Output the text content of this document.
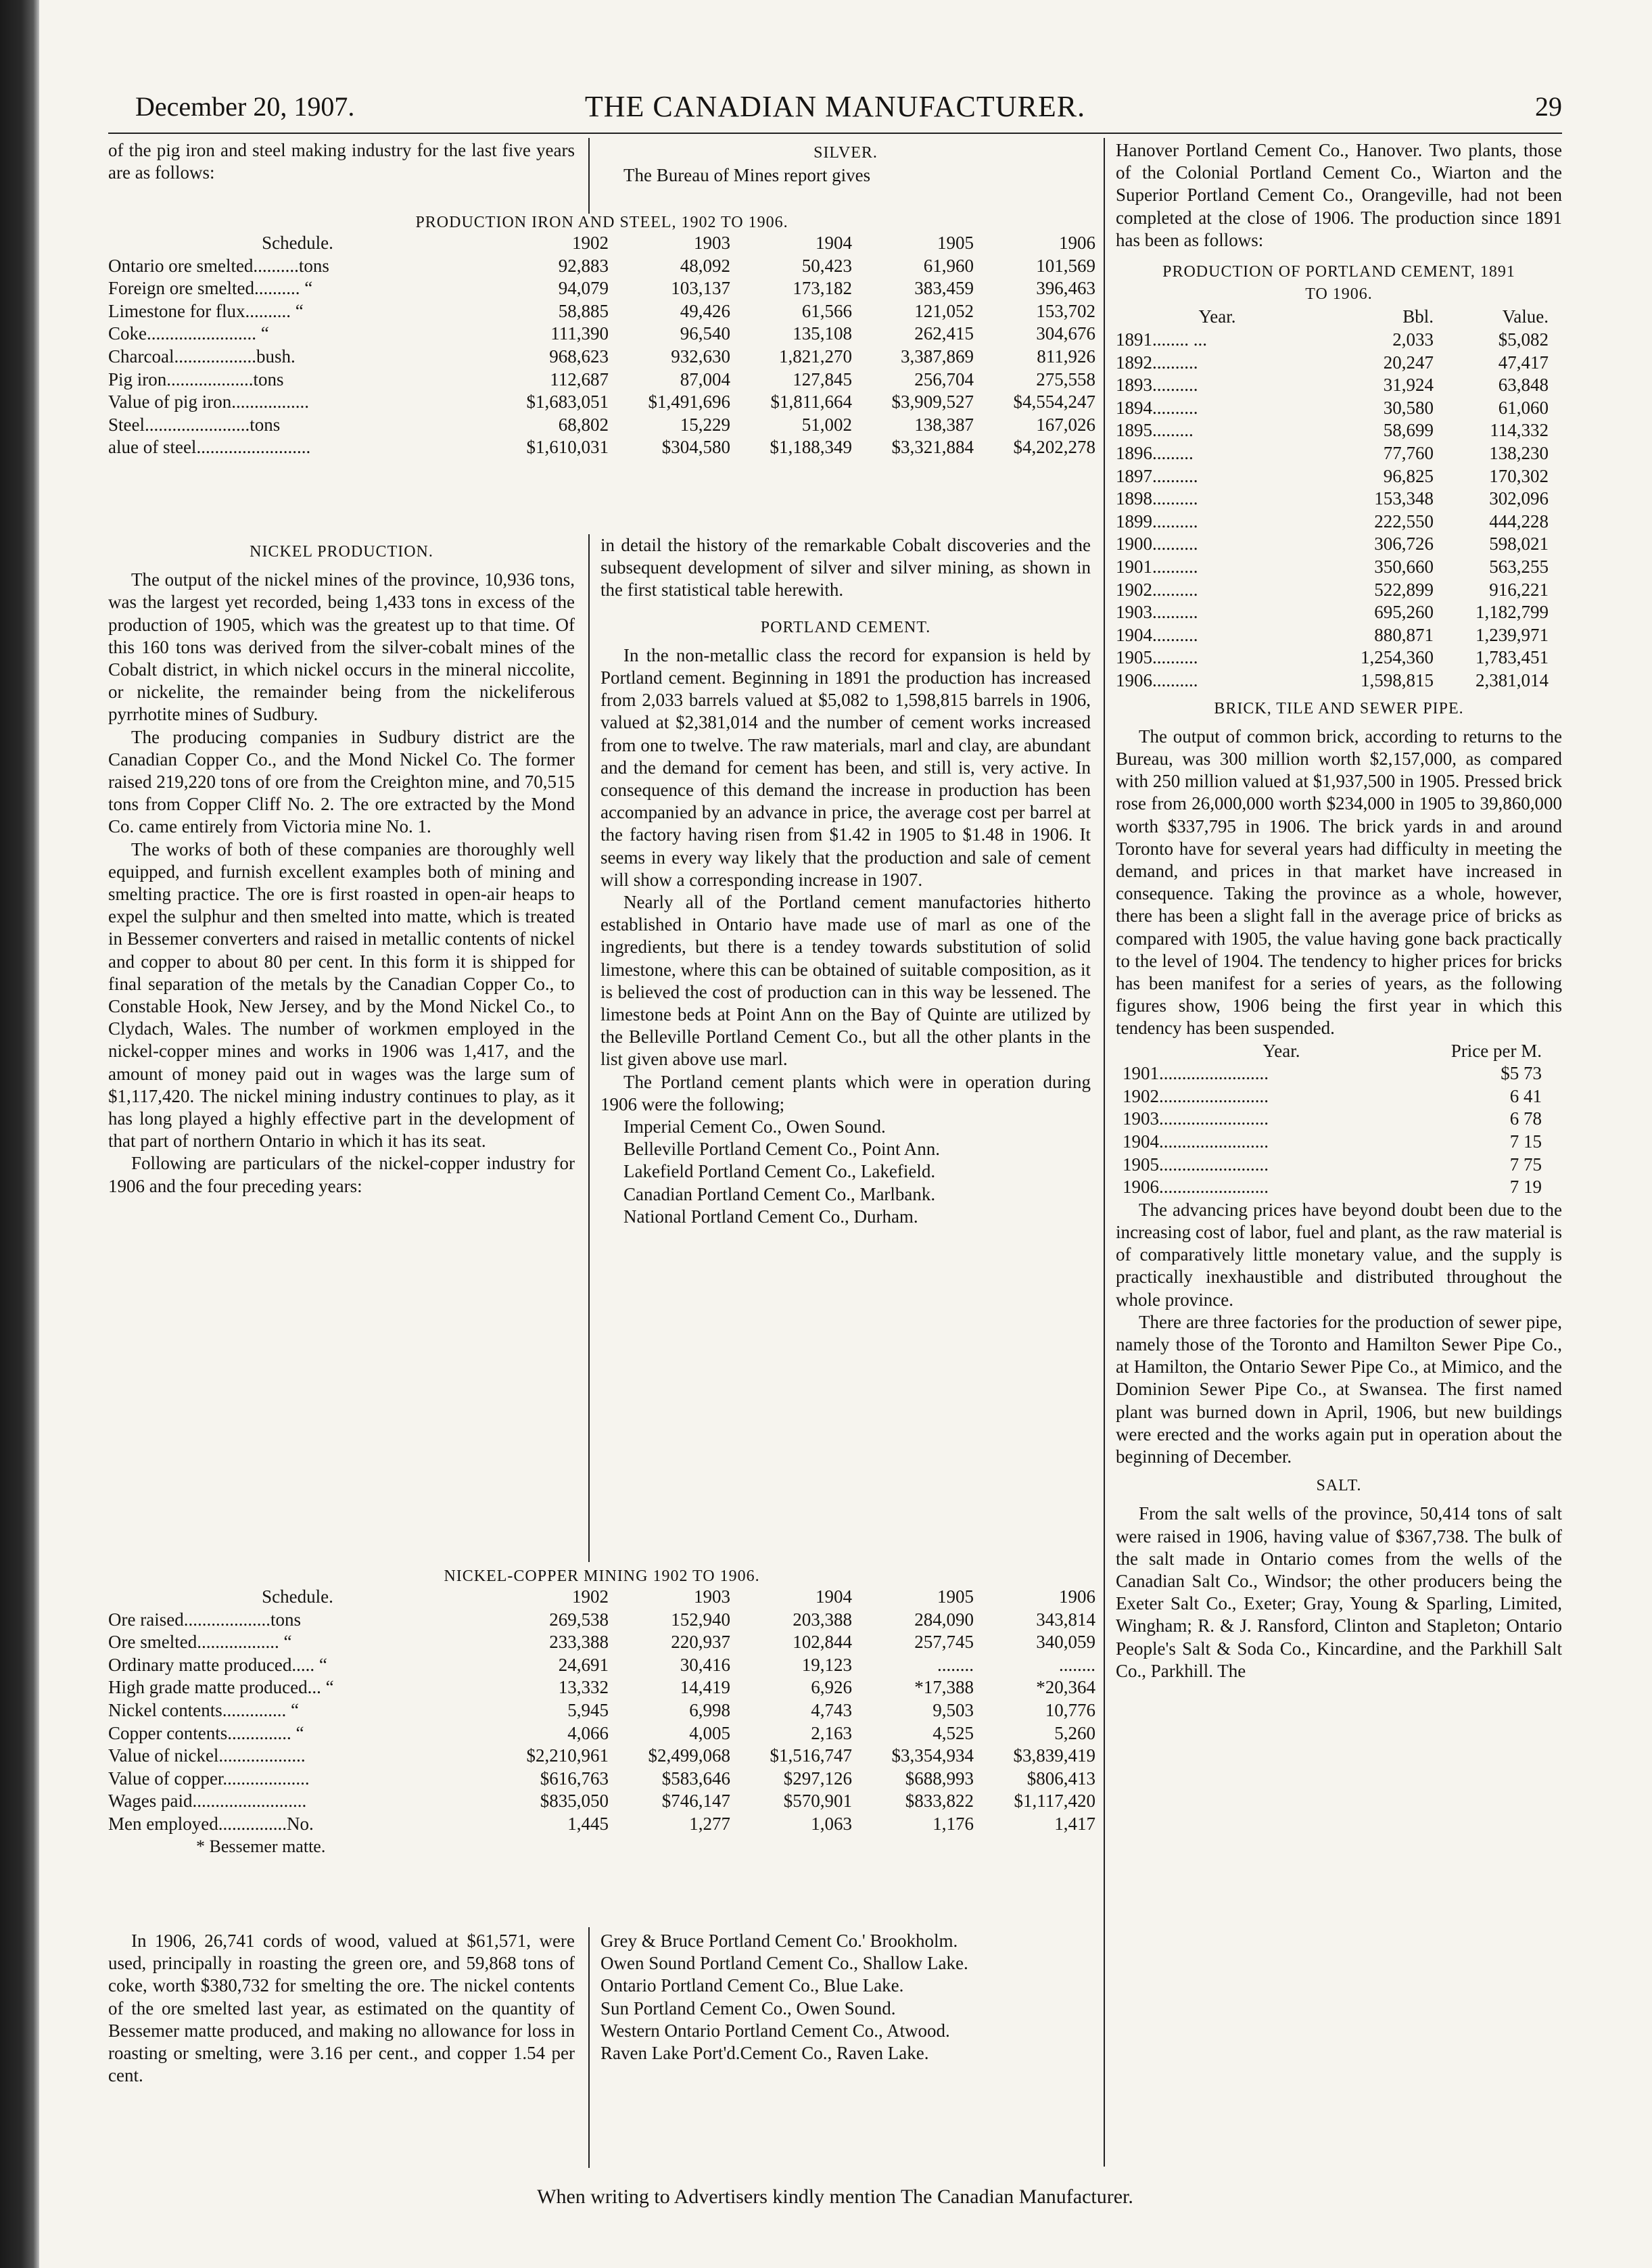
December 20, 1907.	THE CANADIAN MANUFACTURER.	29

of the pig iron and steel making industry for the last five years are as follows:

SILVER.

The Bureau of Mines report gives

PRODUCTION IRON AND STEEL, 1902 TO 1906.
Schedule.	1902	1903	1904	1905	1906
Ontario ore smelted..........tons	92,883	48,092	50,423	61,960	101,569
Foreign ore smelted.......... “	94,079	103,137	173,182	383,459	396,463
Limestone for flux.......... “	58,885	49,426	61,566	121,052	153,702
Coke........................ “	111,390	96,540	135,108	262,415	304,676
Charcoal..................bush.	968,623	932,630	1,821,270	3,387,869	811,926
Pig iron...................tons	112,687	87,004	127,845	256,704	275,558
Value of pig iron.................	$1,683,051	$1,491,696	$1,811,664	$3,909,527	$4,554,247
Steel.......................tons	68,802	15,229	51,002	138,387	167,026
alue of steel.........................	$1,610,031	$304,580	$1,188,349	$3,321,884	$4,202,278
NICKEL PRODUCTION.

The output of the nickel mines of the province, 10,936 tons, was the largest yet recorded, being 1,433 tons in excess of the production of 1905, which was the greatest up to that time. Of this 160 tons was derived from the silver-cobalt mines of the Cobalt district, in which nickel occurs in the mineral niccolite, or nickelite, the remainder being from the nickeliferous pyrrhotite mines of Sudbury.

The producing companies in Sudbury district are the Canadian Copper Co., and the Mond Nickel Co. The former raised 219,220 tons of ore from the Creighton mine, and 70,515 tons from Copper Cliff No. 2. The ore extracted by the Mond Co. came entirely from Victoria mine No. 1.

The works of both of these companies are thoroughly well equipped, and furnish excellent examples both of mining and smelting practice. The ore is first roasted in open-air heaps to expel the sulphur and then smelted into matte, which is treated in Bessemer converters and raised in metallic contents of nickel and copper to about 80 per cent. In this form it is shipped for final separation of the metals by the Canadian Copper Co., to Constable Hook, New Jersey, and by the Mond Nickel Co., to Clydach, Wales. The number of workmen employed in the nickel-copper mines and works in 1906 was 1,417, and the amount of money paid out in wages was the large sum of $1,117,420. The nickel mining industry continues to play, as it has long played a highly effective part in the development of that part of northern Ontario in which it has its seat.

Following are particulars of the nickel-copper industry for 1906 and the four preceding years:

in detail the history of the remarkable Cobalt discoveries and the subsequent development of silver and silver mining, as shown in the first statistical table herewith.

PORTLAND CEMENT.

In the non-metallic class the record for expansion is held by Portland cement. Beginning in 1891 the production has increased from 2,033 barrels valued at $5,082 to 1,598,815 barrels in 1906, valued at $2,381,014 and the number of cement works increased from one to twelve. The raw materials, marl and clay, are abundant and the demand for cement has been, and still is, very active. In consequence of this demand the increase in production has been accompanied by an advance in price, the average cost per barrel at the factory having risen from $1.42 in 1905 to $1.48 in 1906. It seems in every way likely that the production and sale of cement will show a corresponding increase in 1907.

Nearly all of the Portland cement manufactories hitherto established in Ontario have made use of marl as one of the ingredients, but there is a tendey towards substitution of solid limestone, where this can be obtained of suitable composition, as it is believed the cost of production can in this way be lessened. The limestone beds at Point Ann on the Bay of Quinte are utilized by the Belleville Portland Cement Co., but all the other plants in the list given above use marl.

The Portland cement plants which were in operation during 1906 were the following;

Imperial Cement Co., Owen Sound.
Belleville Portland Cement Co., Point Ann.
Lakefield Portland Cement Co., Lakefield.
Canadian Portland Cement Co., Marlbank.
National Portland Cement Co., Durham.
NICKEL-COPPER MINING 1902 TO 1906.
Schedule.	1902	1903	1904	1905	1906
Ore raised...................tons	269,538	152,940	203,388	284,090	343,814
Ore smelted.................. “	233,388	220,937	102,844	257,745	340,059
Ordinary matte produced..... “	24,691	30,416	19,123	........	........
High grade matte produced... “	13,332	14,419	6,926	*17,388	*20,364
Nickel contents.............. “	5,945	6,998	4,743	9,503	10,776
Copper contents.............. “	4,066	4,005	2,163	4,525	5,260
Value of nickel...................	$2,210,961	$2,499,068	$1,516,747	$3,354,934	$3,839,419
Value of copper...................	$616,763	$583,646	$297,126	$688,993	$806,413
Wages paid.........................	$835,050	$746,147	$570,901	$833,822	$1,117,420
Men employed...............No.	1,445	1,277	1,063	1,176	1,417
* Bessemer matte.

In 1906, 26,741 cords of wood, valued at $61,571, were used, principally in roasting the green ore, and 59,868 tons of coke, worth $380,732 for smelting the ore. The nickel contents of the ore smelted last year, as estimated on the quantity of Bessemer matte produced, and making no allowance for loss in roasting or smelting, were 3.16 per cent., and copper 1.54 per cent.

Grey & Bruce Portland Cement Co.' Brookholm.
Owen Sound Portland Cement Co., Shallow Lake.
Ontario Portland Cement Co., Blue Lake.
Sun Portland Cement Co., Owen Sound.
Western Ontario Portland Cement Co., Atwood.
Raven Lake Port'd.Cement Co., Raven Lake.

Hanover Portland Cement Co., Hanover. Two plants, those of the Colonial Portland Cement Co., Wiarton and the Superior Portland Cement Co., Orangeville, had not been completed at the close of 1906. The production since 1891 has been as follows:

PRODUCTION OF PORTLAND CEMENT, 1891
TO 1906.
Year.	Bbl.	Value.
1891........ ...	2,033	$5,082
1892..........	20,247	47,417
1893..........	31,924	63,848
1894..........	30,580	61,060
1895.........	58,699	114,332
1896.........	77,760	138,230
1897..........	96,825	170,302
1898..........	153,348	302,096
1899..........	222,550	444,228
1900..........	306,726	598,021
1901..........	350,660	563,255
1902..........	522,899	916,221
1903..........	695,260	1,182,799
1904..........	880,871	1,239,971
1905..........	1,254,360	1,783,451
1906..........	1,598,815	2,381,014
BRICK, TILE AND SEWER PIPE.

The output of common brick, according to returns to the Bureau, was 300 million worth $2,157,000, as compared with 250 million valued at $1,937,500 in 1905. Pressed brick rose from 26,000,000 worth $234,000 in 1905 to 39,860,000 worth $337,795 in 1906. The brick yards in and around Toronto have for several years had difficulty in meeting the demand, and prices in that market have increased in consequence. Taking the province as a whole, however, there has been a slight fall in the average price of bricks as compared with 1905, the value having gone back practically to the level of 1904. The tendency to higher prices for bricks has been manifest for a series of years, as the following figures show, 1906 being the first year in which this tendency has been suspended.

Year.	Price per M.
1901........................	$5 73
1902........................	6 41
1903........................	6 78
1904........................	7 15
1905........................	7 75
1906........................	7 19

The advancing prices have beyond doubt been due to the increasing cost of labor, fuel and plant, as the raw material is of comparatively little monetary value, and the supply is practically inexhaustible and distributed throughout the whole province.

There are three factories for the production of sewer pipe, namely those of the Toronto and Hamilton Sewer Pipe Co., at Hamilton, the Ontario Sewer Pipe Co., at Mimico, and the Dominion Sewer Pipe Co., at Swansea. The first named plant was burned down in April, 1906, but new buildings were erected and the works again put in operation about the beginning of December.

SALT.

From the salt wells of the province, 50,414 tons of salt were raised in 1906, having value of $367,738. The bulk of the salt made in Ontario comes from the wells of the Canadian Salt Co., Windsor; the other producers being the Exeter Salt Co., Exeter; Gray, Young & Sparling, Limited, Wingham; R. & J. Ransford, Clinton and Stapleton; Ontario People's Salt & Soda Co., Kincardine, and the Parkhill Salt Co., Parkhill. The

When writing to Advertisers kindly mention The Canadian Manufacturer.
